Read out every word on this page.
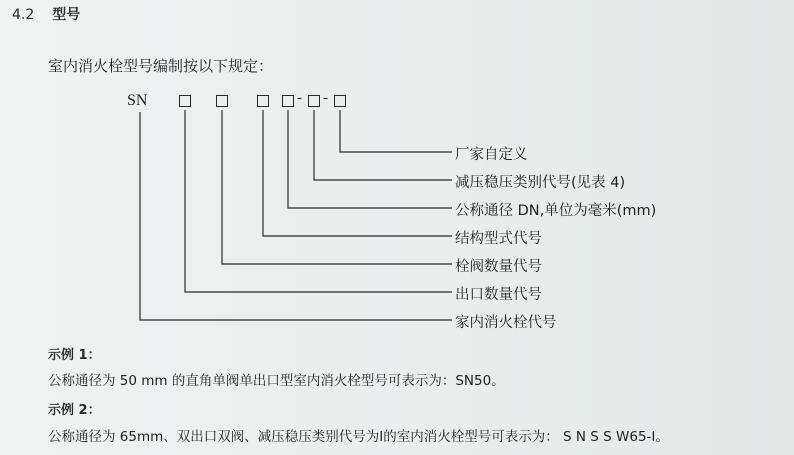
4.2 型号
室内消火栓型号编制按以下规定：
SN	- -
厂家自定义
减压稳压类别代号(见表 4)
公称通径 DN,单位为毫米(mm)
结构型式代号
栓阀数量代号
出口数量代号
家内消火栓代号
示例 1：
公称通径为 50 mm 的直角单阀单出口型室内消火栓型号可表示为：SN50。
示例 2：
公称通径为 65mm、双出口双阀、减压稳压类别代号为Ⅰ的室内消火栓型号可表示为： S N S S W65-Ⅰ。
